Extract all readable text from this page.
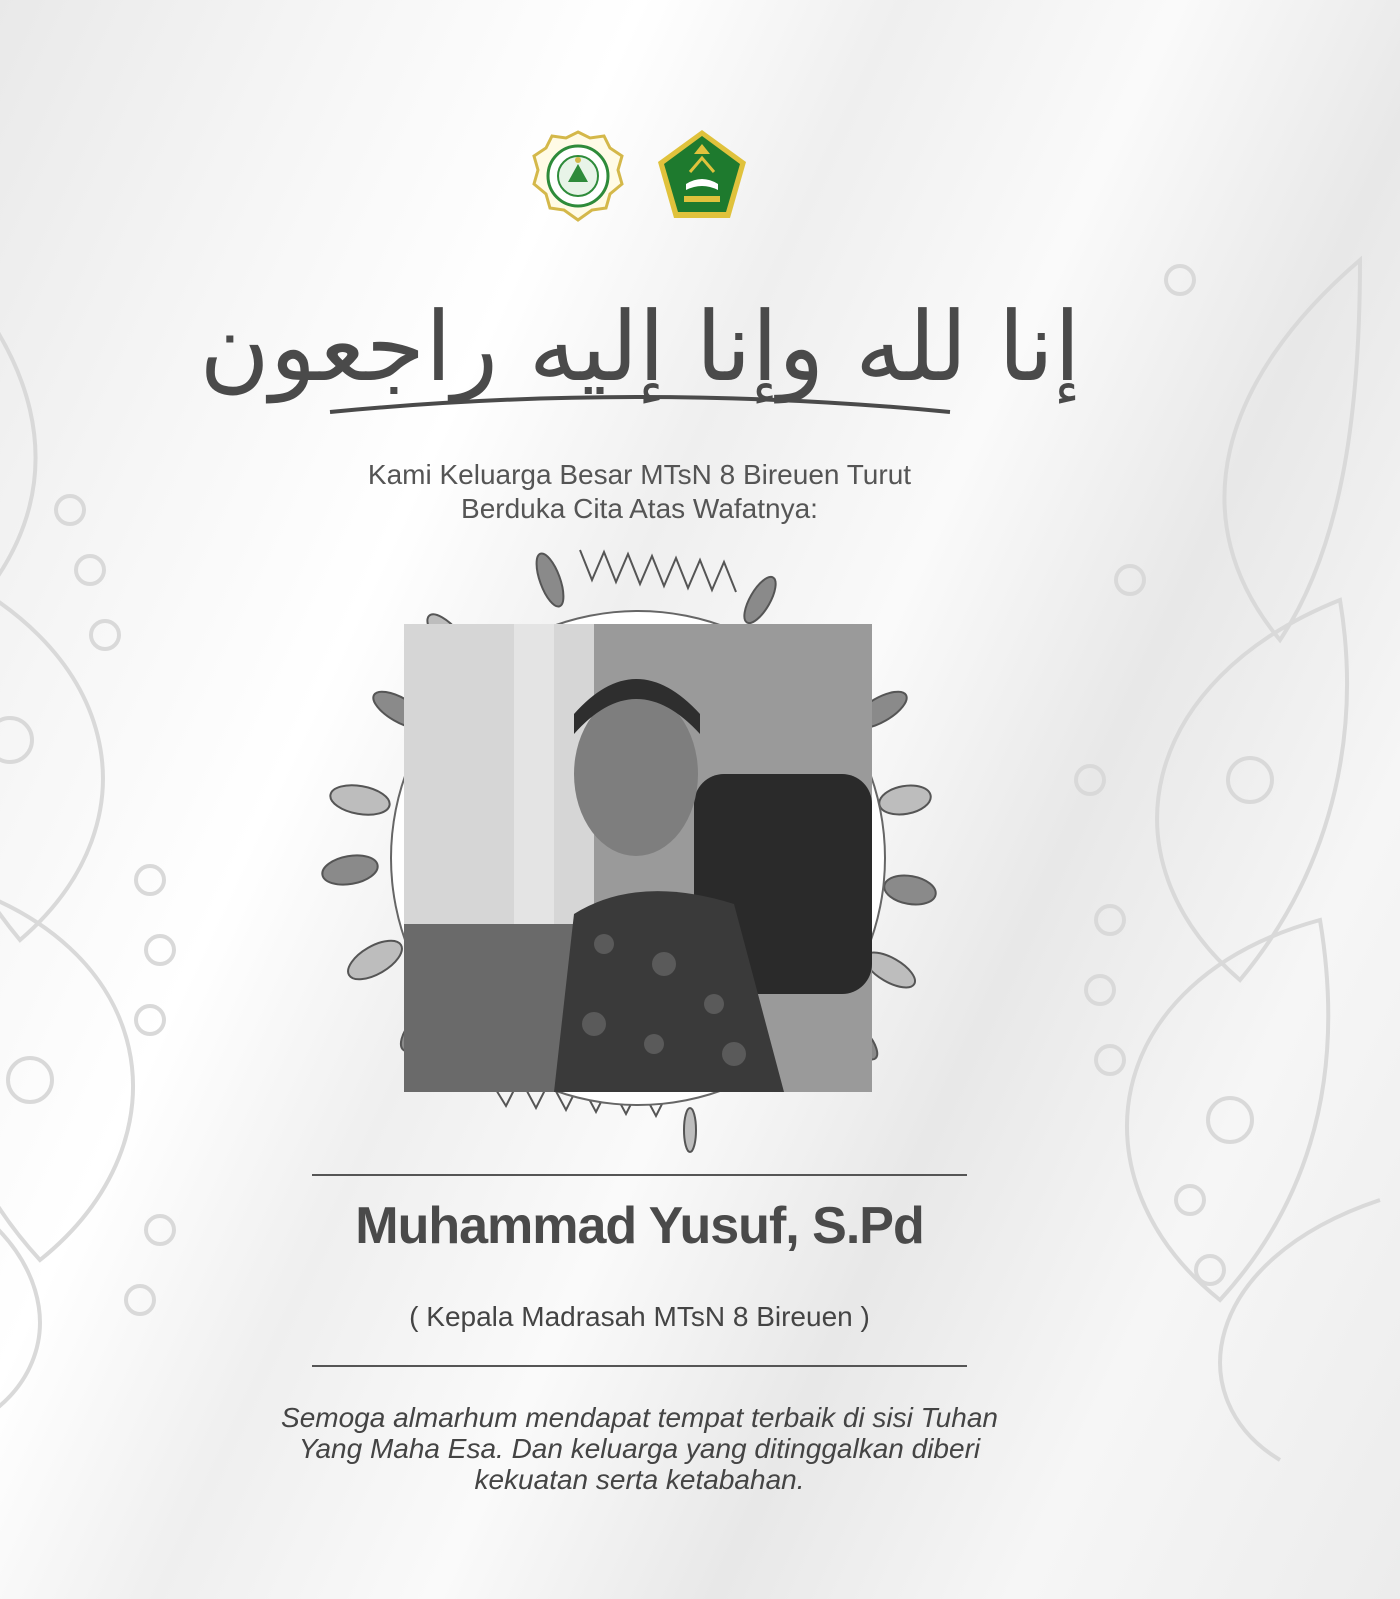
إنا لله وإنا إليه راجعون
Kami Keluarga Besar MTsN 8 Bireuen Turut
Berduka Cita Atas Wafatnya:
Muhammad Yusuf, S.Pd
( Kepala Madrasah MTsN 8 Bireuen )
Semoga almarhum mendapat tempat terbaik di sisi Tuhan
Yang Maha Esa. Dan keluarga yang ditinggalkan diberi
kekuatan serta ketabahan.
